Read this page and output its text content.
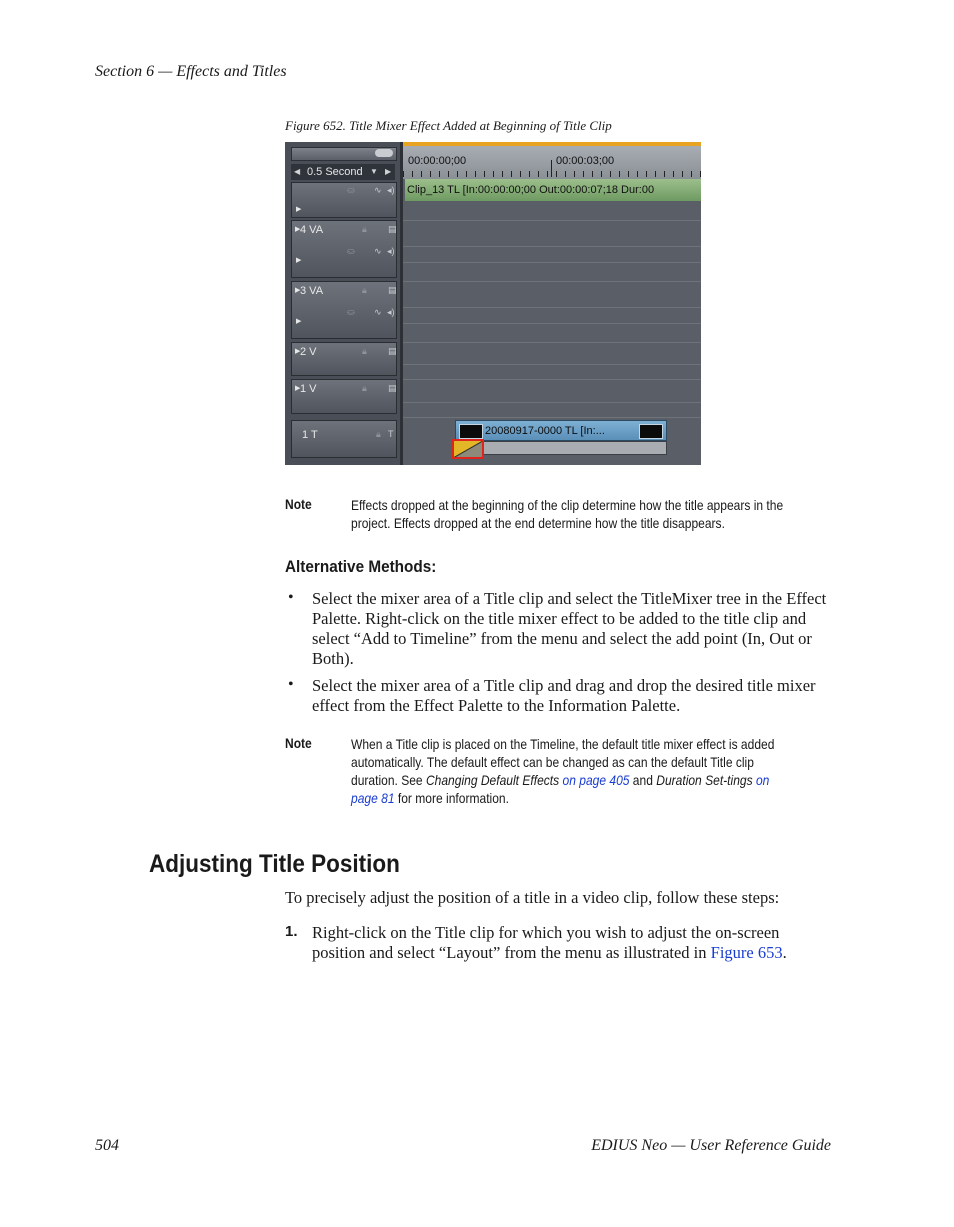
Section 6 — Effects and Titles
Figure 652. Title Mixer Effect Added at Beginning of Title Clip
◀ 0.5 Second ▼ ▶
⛀ ∿ ◂)
▶
▶ 4 VA	🔒︎ ▤
⛀ ∿ ◂)
▶
▶ 3 VA	🔒︎ ▤
⛀ ∿ ◂)
▶
▶ 2 V	🔒︎ ▤
▶ 1 V	🔒︎ ▤
1 T	🔒︎ T
00:00:00;00	00:00:03;00
Clip_13 TL [In:00:00:00;00 Out:00:00:07;18 Dur:00
20080917-0000 TL [In:...
Note	Effects dropped at the beginning of the clip determine how the title appears in the project. Effects dropped at the end determine how the title disappears.
Alternative Methods:
• Select the mixer area of a Title clip and select the TitleMixer tree in the Effect Palette. Right-click on the title mixer effect to be added to the title clip and select “Add to Timeline” from the menu and select the add point (In, Out or Both).
• Select the mixer area of a Title clip and drag and drop the desired title mixer effect from the Effect Palette to the Information Palette.
Note	When a Title clip is placed on the Timeline, the default title mixer effect is added automatically. The default effect can be changed as can the default Title clip duration. See Changing Default Effects on page 405 and Duration Set-tings on page 81 for more information.
Adjusting Title Position
To precisely adjust the position of a title in a video clip, follow these steps:
1. Right-click on the Title clip for which you wish to adjust the on-screen position and select “Layout” from the menu as illustrated in Figure 653.
504	EDIUS Neo — User Reference Guide
